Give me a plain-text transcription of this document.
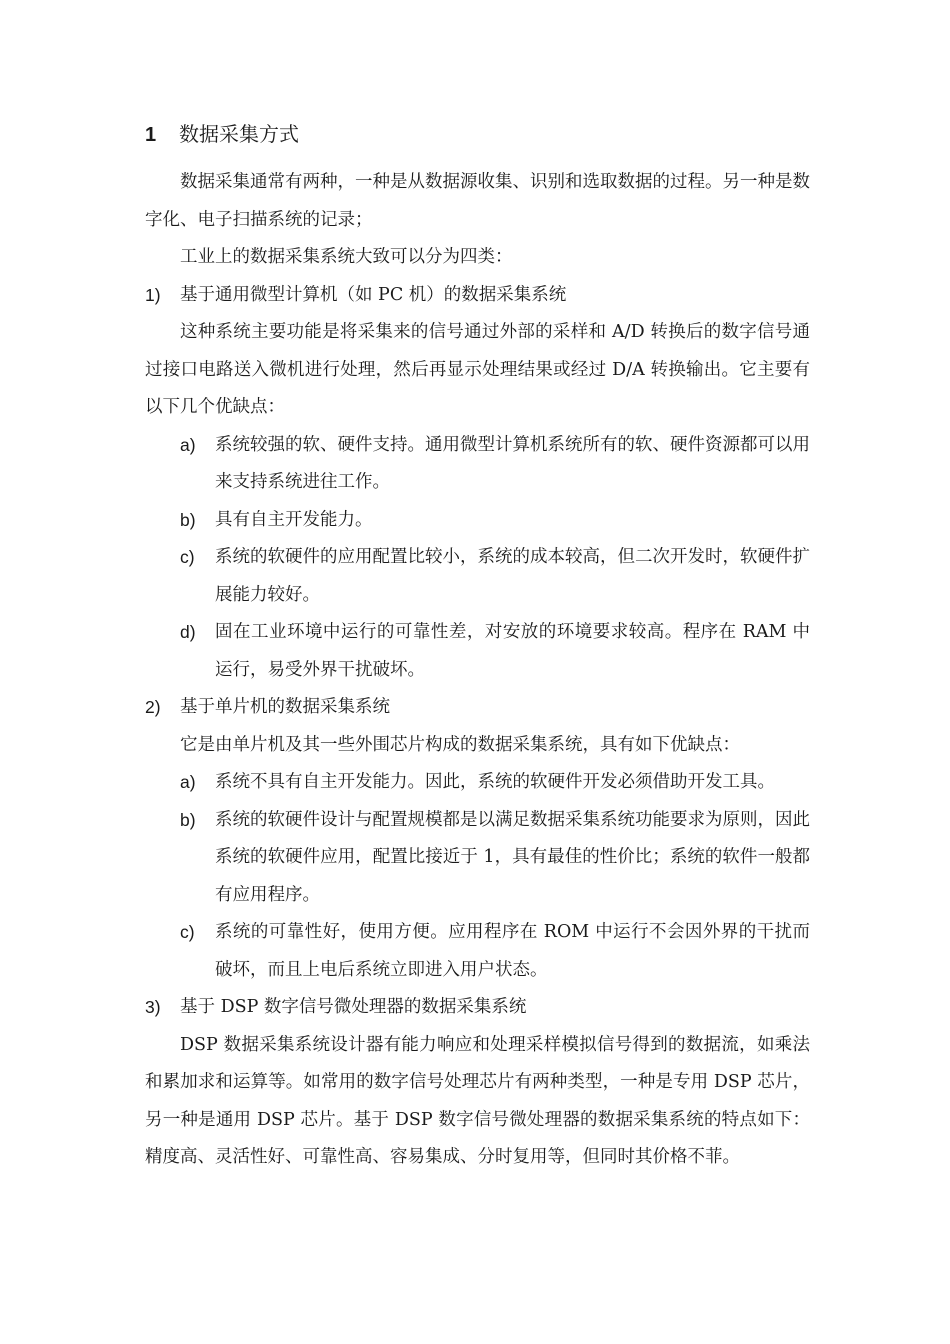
1 数据采集方式

数据采集通常有两种，一种是从数据源收集、识别和选取数据的过程。另一种是数字化、电子扫描系统的记录；

工业上的数据采集系统大致可以分为四类：

1)	基于通用微型计算机（如 PC 机）的数据采集系统

这种系统主要功能是将采集来的信号通过外部的采样和 A/D 转换后的数字信号通过接口电路送入微机进行处理，然后再显示处理结果或经过 D/A 转换输出。它主要有以下几个优缺点：

a)	系统较强的软、硬件支持。通用微型计算机系统所有的软、硬件资源都可以用来支持系统进往工作。
b)	具有自主开发能力。
c)	系统的软硬件的应用配置比较小，系统的成本较高，但二次开发时，软硬件扩展能力较好。
d)	固在工业环境中运行的可靠性差，对安放的环境要求较高。程序在 RAM 中运行，易受外界干扰破坏。
2)	基于单片机的数据采集系统

它是由单片机及其一些外围芯片构成的数据采集系统，具有如下优缺点：

a)	系统不具有自主开发能力。因此，系统的软硬件开发必须借助开发工具。
b)	系统的软硬件设计与配置规模都是以满足数据采集系统功能要求为原则，因此系统的软硬件应用，配置比接近于 1，具有最佳的性价比；系统的软件一般都有应用程序。
c)	系统的可靠性好，使用方便。应用程序在 ROM 中运行不会因外界的干扰而破坏，而且上电后系统立即进入用户状态。
3)	基于 DSP 数字信号微处理器的数据采集系统

DSP 数据采集系统设计器有能力响应和处理采样模拟信号得到的数据流，如乘法和累加求和运算等。如常用的数字信号处理芯片有两种类型，一种是专用 DSP 芯片，另一种是通用 DSP 芯片。基于 DSP 数字信号微处理器的数据采集系统的特点如下：精度高、灵活性好、可靠性高、容易集成、分时复用等，但同时其价格不菲。
